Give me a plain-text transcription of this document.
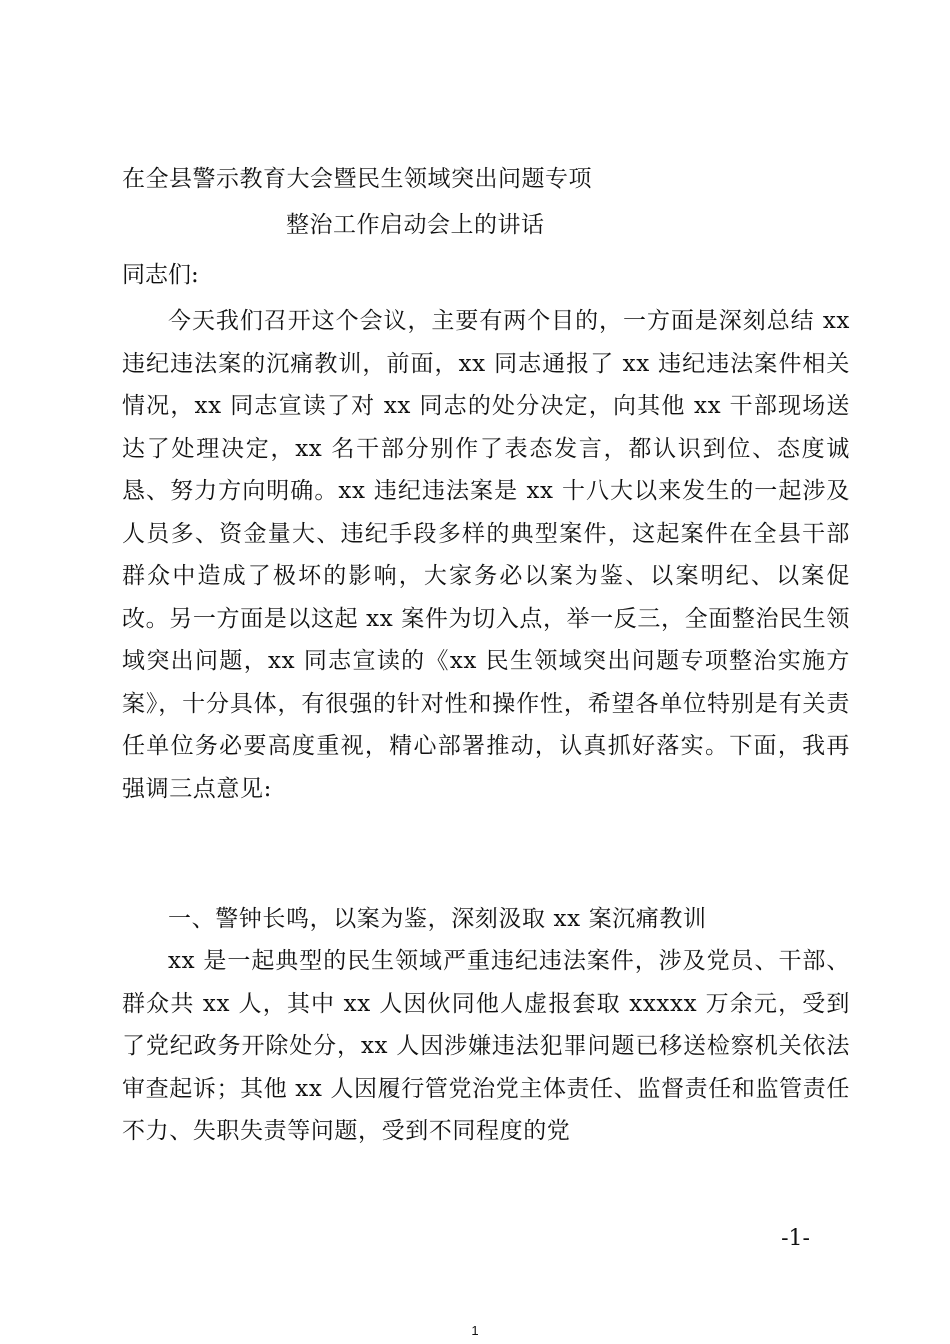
在全县警示教育大会暨民生领域突出问题专项
整治工作启动会上的讲话
同志们:

今天我们召开这个会议，主要有两个目的，一方面是深刻总结 xx 违纪违法案的沉痛教训，前面，xx 同志通报了 xx 违纪违法案件相关情况，xx 同志宣读了对 xx 同志的处分决定，向其他 xx 干部现场送达了处理决定，xx 名干部分别作了表态发言，都认识到位、态度诚恳、努力方向明确。xx 违纪违法案是 xx 十八大以来发生的一起涉及人员多、资金量大、违纪手段多样的典型案件，这起案件在全县干部群众中造成了极坏的影响，大家务必以案为鉴、以案明纪、以案促改。另一方面是以这起 xx 案件为切入点，举一反三，全面整治民生领域突出问题，xx 同志宣读的《xx 民生领域突出问题专项整治实施方案》，十分具体，有很强的针对性和操作性，希望各单位特别是有关责任单位务必要高度重视，精心部署推动，认真抓好落实。下面，我再强调三点意见:

一、警钟长鸣，以案为鉴，深刻汲取 xx 案沉痛教训

xx 是一起典型的民生领域严重违纪违法案件，涉及党员、干部、群众共 xx 人，其中 xx 人因伙同他人虚报套取 xxxxx 万余元，受到了党纪政务开除处分，xx 人因涉嫌违法犯罪问题已移送检察机关依法审查起诉；其他 xx 人因履行管党治党主体责任、监督责任和监管责任不力、失职失责等问题，受到不同程度的党

-1-
1
